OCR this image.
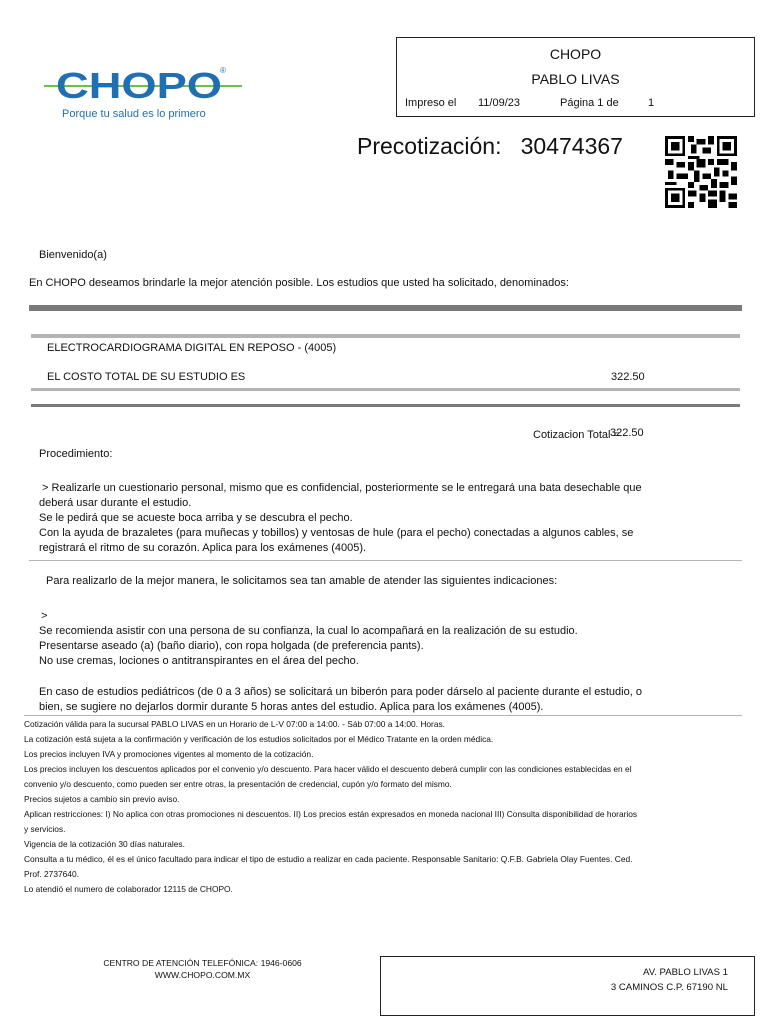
CHOPO
®
Porque tu salud es lo primero
CHOPO
PABLO LIVAS
Impreso el 11/09/23	Página 1 de	1
Precotización: 30474367
Bienvenido(a)
En CHOPO deseamos brindarle la mejor atención posible. Los estudios que usted ha solicitado, denominados:
ELECTROCARDIOGRAMA DIGITAL EN REPOSO - (4005)
EL COSTO TOTAL DE SU ESTUDIO ES	322.50
Cotizacion Total =
322.50
Procedimiento:
> Realizarle un cuestionario personal, mismo que es confidencial, posteriormente se le entregará una bata desechable que
deberá usar durante el estudio.
Se le pedirá que se acueste boca arriba y se descubra el pecho.
Con la ayuda de brazaletes (para muñecas y tobillos) y ventosas de hule (para el pecho) conectadas a algunos cables, se
registrará el ritmo de su corazón. Aplica para los exámenes (4005).
Para realizarlo de la mejor manera, le solicitamos sea tan amable de atender las siguientes indicaciones:
>
Se recomienda asistir con una persona de su confianza, la cual lo acompañará en la realización de su estudio.
Presentarse aseado (a) (baño diario), con ropa holgada (de preferencia pants).
No use cremas, lociones o antitranspirantes en el área del pecho.
En caso de estudios pediátricos (de 0 a 3 años) se solicitará un biberón para poder dárselo al paciente durante el estudio, o
bien, se sugiere no dejarlos dormir durante 5 horas antes del estudio. Aplica para los exámenes (4005).
Cotización válida para la sucursal PABLO LIVAS en un Horario de L-V 07:00 a 14:00. - Sáb 07:00 a 14:00. Horas.
La cotización está sujeta a la confirmación y verificación de los estudios solicitados por el Médico Tratante en la orden médica.
Los precios incluyen IVA y promociones vigentes al momento de la cotización.
Los precios incluyen los descuentos aplicados por el convenio y/o descuento. Para hacer válido el descuento deberá cumplir con las condiciones establecidas en el
convenio y/o descuento, como pueden ser entre otras, la presentación de credencial, cupón y/o formato del mismo.
Precios sujetos a cambio sin previo aviso.
Aplican restricciones: I) No aplica con otras promociones ni descuentos. II) Los precios están expresados en moneda nacional III) Consulta disponibilidad de horarios
y servicios.
Vigencia de la cotización 30 días naturales.
Consulta a tu médico, él es el único facultado para indicar el tipo de estudio a realizar en cada paciente. Responsable Sanitario: Q.F.B. Gabriela Olay Fuentes. Ced.
Prof. 2737640.
Lo atendió el numero de colaborador 12115 de CHOPO.
CENTRO DE ATENCIÓN TELEFÓNICA: 1946-0606
WWW.CHOPO.COM.MX	AV. PABLO LIVAS 1
3 CAMINOS C.P. 67190 NL
